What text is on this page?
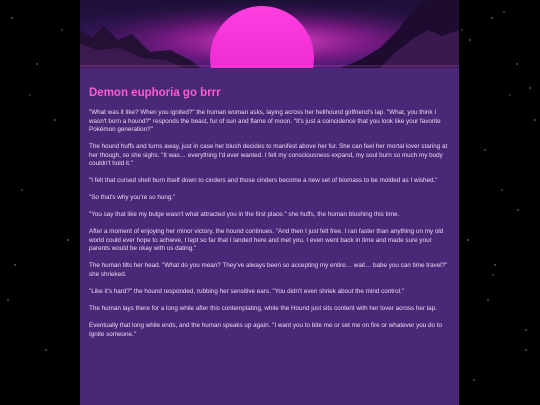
Demon euphoria go brrr

"What was it like? When you ignited?" the human woman asks, laying across her hellhound girlfriend's lap. "What, you think I wasn't born a hound?" responds the beast, fur of sun and flame of moon. "It's just a coincidence that you look like your favorite Pokémon generation?"

The hound huffs and turns away, just in case her blush decides to manifest above her fur. She can feel her mortal lover staring at her though, so she sighs. "It was… everything I'd ever wanted. I felt my consciousness expand, my soul burn so much my body couldn't hold it."

"I felt that cursed shell burn itself down to cinders and those cinders become a new set of biomass to be molded as I wished."

"So that's why you're so hung."

"You say that like my bulge wasn't what attracted you in the first place." she huffs, the human blushing this time.

After a moment of enjoying her minor victory, the hound continues. "And then I just felt free. I ran faster than anything on my old world could ever hope to achieve, I lept so far that I landed here and met you. I even went back in time and made sure your parents would be okay with us dating."

The human tilts her head. "What do you mean? They've always been so accepting my entire… wait… babe you can time travel?" she shrieked.

"Like it's hard?" the hound responded, rubbing her sensitive ears. "You didn't even shriek about the mind control."

The human lays there for a long while after this contemplating, while the Hound just sits content with her lover across her lap.

Eventually that long while ends, and the human speaks up again. "I want you to bite me or set me on fire or whatever you do to Ignite someone."
